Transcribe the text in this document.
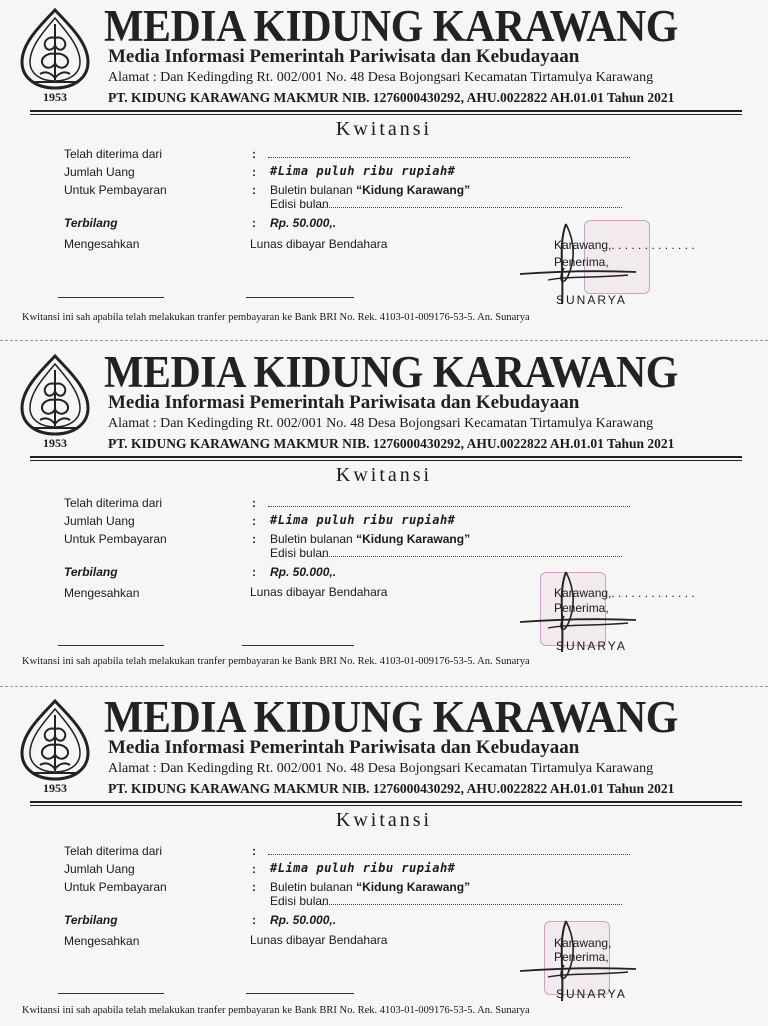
1953
MEDIA KIDUNG KARAWANG
Media Informasi Pemerintah Pariwisata dan Kebudayaan
Alamat : Dan Kedingding Rt. 002/001 No. 48 Desa Bojongsari Kecamatan Tirtamulya Karawang
PT. KIDUNG KARAWANG MAKMUR NIB. 1276000430292, AHU.0022822 AH.01.01 Tahun 2021
Kwitansi
Telah diterima dari	:
Jumlah Uang	: #Lima puluh ribu rupiah#
Untuk Pembayaran	: Buletin bulanan “Kidung Karawang”
Edisi bulan
Terbilang	: Rp. 50.000,.
Mengesahkan	Lunas dibayar Bendahara	Karawang,. . . . . . . . . . . . .
Penerima,
SUNARYA
Kwitansi ini sah apabila telah melakukan tranfer pembayaran ke Bank BRI No. Rek. 4103-01-009176-53-5. An. Sunarya
1953
MEDIA KIDUNG KARAWANG
Media Informasi Pemerintah Pariwisata dan Kebudayaan
Alamat : Dan Kedingding Rt. 002/001 No. 48 Desa Bojongsari Kecamatan Tirtamulya Karawang
PT. KIDUNG KARAWANG MAKMUR NIB. 1276000430292, AHU.0022822 AH.01.01 Tahun 2021
Kwitansi
Telah diterima dari	:
Jumlah Uang	: #Lima puluh ribu rupiah#
Untuk Pembayaran	: Buletin bulanan “Kidung Karawang”
Edisi bulan
Terbilang	: Rp. 50.000,.
Mengesahkan	Lunas dibayar Bendahara	Karawang,. . . . . . . . . . . . .
Penerima,
SUNARYA
Kwitansi ini sah apabila telah melakukan tranfer pembayaran ke Bank BRI No. Rek. 4103-01-009176-53-5. An. Sunarya
1953
MEDIA KIDUNG KARAWANG
Media Informasi Pemerintah Pariwisata dan Kebudayaan
Alamat : Dan Kedingding Rt. 002/001 No. 48 Desa Bojongsari Kecamatan Tirtamulya Karawang
PT. KIDUNG KARAWANG MAKMUR NIB. 1276000430292, AHU.0022822 AH.01.01 Tahun 2021
Kwitansi
Telah diterima dari	:
Jumlah Uang	: #Lima puluh ribu rupiah#
Untuk Pembayaran	: Buletin bulanan “Kidung Karawang”
Edisi bulan
Terbilang	: Rp. 50.000,.
Mengesahkan	Lunas dibayar Bendahara	Karawang,
Penerima,
SUNARYA
Kwitansi ini sah apabila telah melakukan tranfer pembayaran ke Bank BRI No. Rek. 4103-01-009176-53-5. An. Sunarya
